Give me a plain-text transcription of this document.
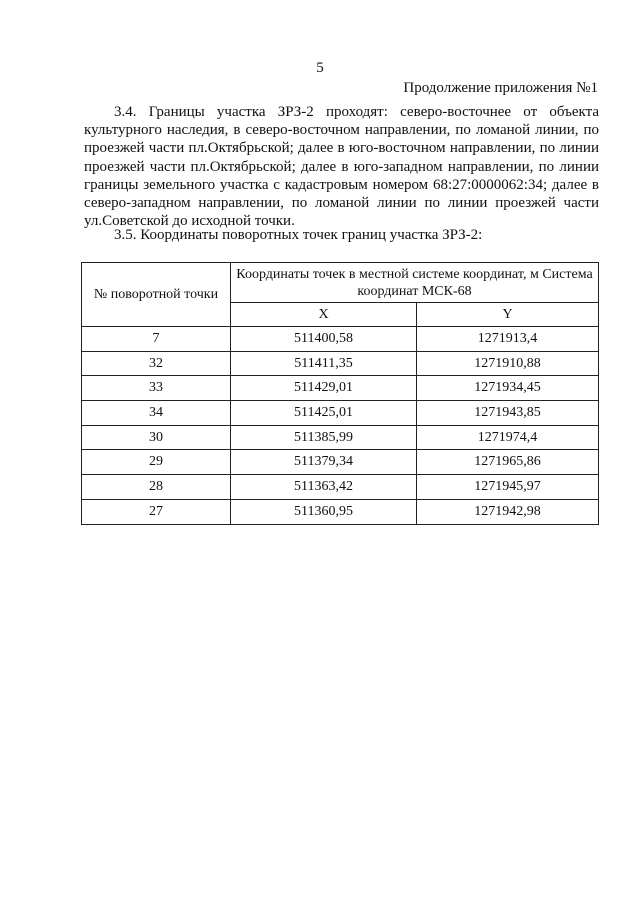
5
Продолжение приложения №1
3.4. Границы участка ЗРЗ-2 проходят: северо-восточнее от объекта культурного наследия, в северо-восточном направлении, по ломаной линии, по проезжей части пл.Октябрьской; далее в юго-восточном направлении, по линии проезжей части пл.Октябрьской; далее в юго-западном направлении, по линии границы земельного участка с кадастровым номером 68:27:0000062:34; далее в северо-западном направлении, по ломаной линии по линии проезжей части ул.Советской до исходной точки.
3.5. Координаты поворотных точек границ участка ЗРЗ-2:
№ поворотной точки	Координаты точек в местной системе координат, м Система координат МСК-68	

	X	Y
7	511400,58	1271913,4
32	511411,35	1271910,88
33	511429,01	1271934,45
34	511425,01	1271943,85
30	511385,99	1271974,4
29	511379,34	1271965,86
28	511363,42	1271945,97
27	511360,95	1271942,98
